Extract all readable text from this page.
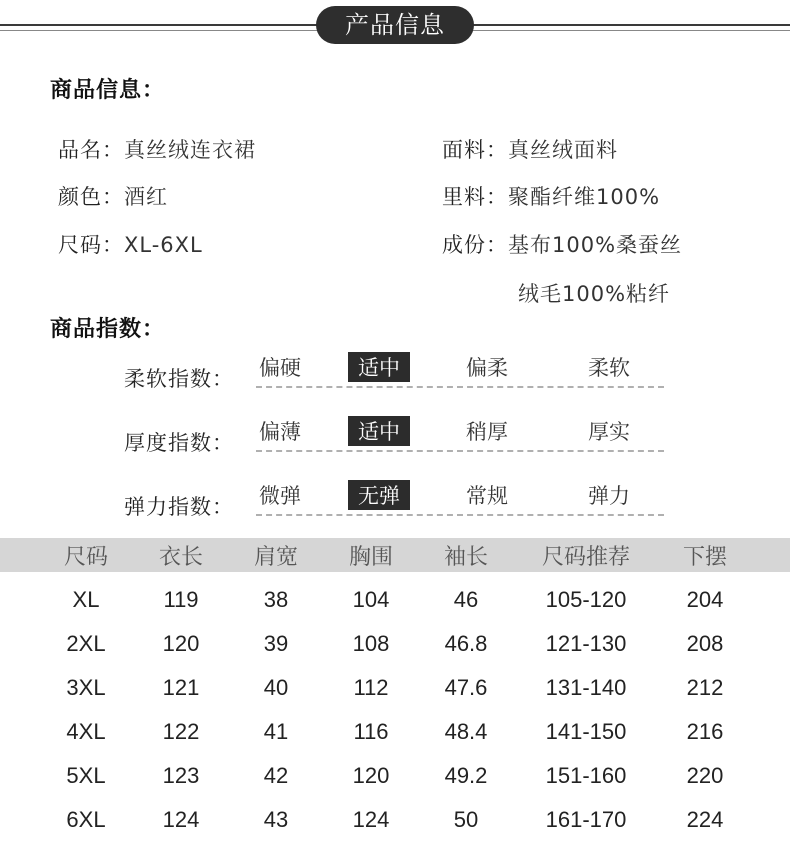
产品信息
商品信息：
品名：真丝绒连衣裙
颜色：酒红
尺码：XL-6XL
面料：真丝绒面料
里料：聚酯纤维100%
成份：基布100%桑蚕丝
绒毛100%粘纤
商品指数：
柔软指数： 偏硬	适中	偏柔	柔软
厚度指数： 偏薄	适中	稍厚	厚实
弹力指数： 微弹	无弹	常规	弹力
尺码 衣长 肩宽 胸围 袖长 尺码推荐 下摆
XL	119	38	104	46	105-120	204
2XL	120	39	108	46.8	121-130	208
3XL	121	40	112	47.6	131-140	212
4XL	122	41	116	48.4	141-150	216
5XL	123	42	120	49.2	151-160	220
6XL	124	43	124	50	161-170	224
